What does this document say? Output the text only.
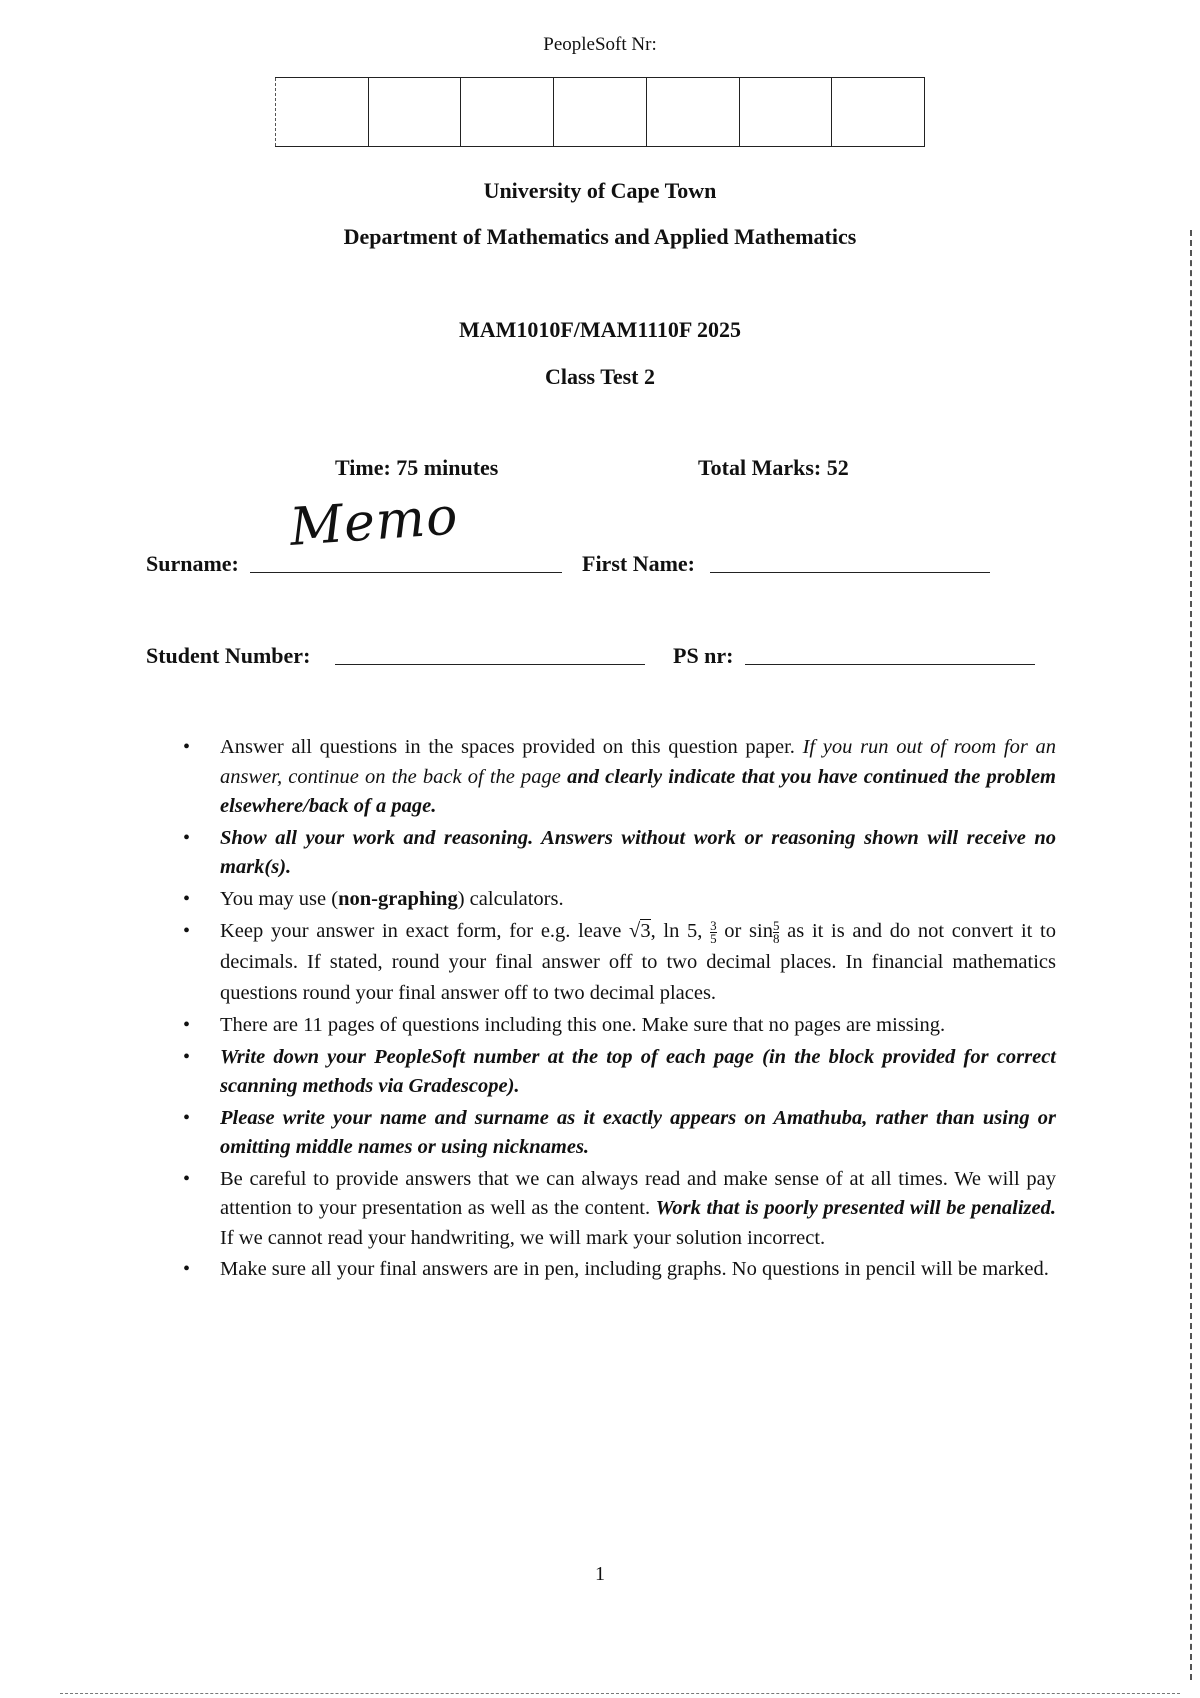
PeopleSoft Nr:
University of Cape Town
Department of Mathematics and Applied Mathematics
MAM1010F/MAM1110F 2025
Class Test 2
Time: 75 minutes	Total Marks: 52
Surname:
Memo
First Name:
Student Number:	PS nr:
• Answer all questions in the spaces provided on this question paper. If you run out of room for an answer, continue on the back of the page and clearly indicate that you have continued the problem elsewhere/back of a page.
• Show all your work and reasoning. Answers without work or reasoning shown will receive no mark(s).
• You may use (non-graphing) calculators.
• Keep your answer in exact form, for e.g. leave √3, ln 5, $\frac{3}{5}$ or $\sin \frac{5}{8}$ as it is and do not convert it to decimals. If stated, round your final answer off to two decimal places. In financial mathematics questions round your final answer off to two decimal places.
• There are 11 pages of questions including this one. Make sure that no pages are missing.
• Write down your PeopleSoft number at the top of each page (in the block provided for correct scanning methods via Gradescope).
• Please write your name and surname as it exactly appears on Amathuba, rather than using or omitting middle names or using nicknames.
• Be careful to provide answers that we can always read and make sense of at all times. We will pay attention to your presentation as well as the content. Work that is poorly presented will be penalized. If we cannot read your handwriting, we will mark your solution incorrect.
• Make sure all your final answers are in pen, including graphs. No questions in pencil will be marked.
1
